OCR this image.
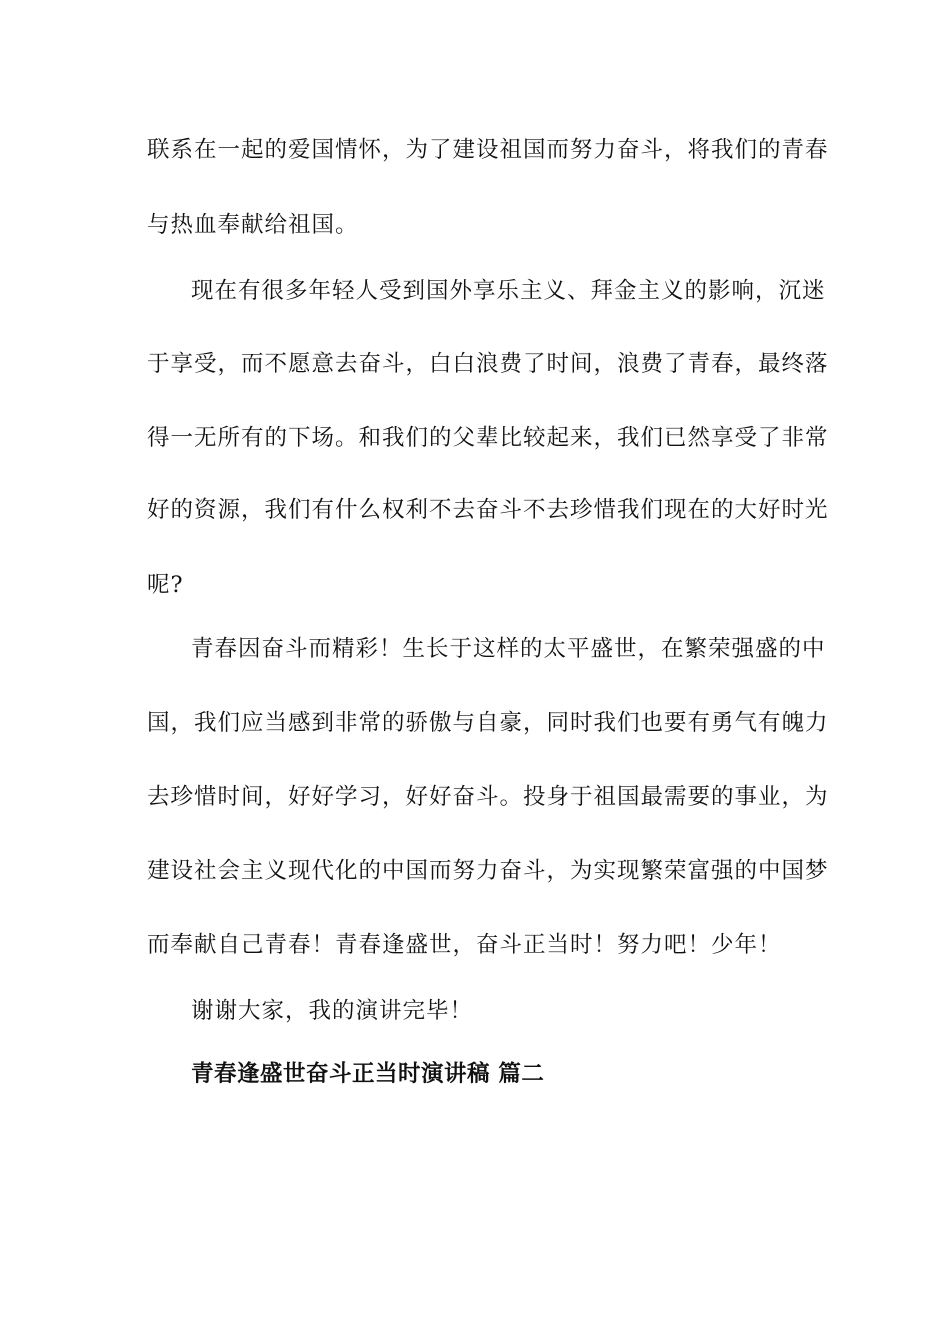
联系在一起的爱国情怀，为了建设祖国而努力奋斗，将我们的青春
与热血奉献给祖国。
现在有很多年轻人受到国外享乐主义、拜金主义的影响，沉迷
于享受，而不愿意去奋斗，白白浪费了时间，浪费了青春，最终落
得一无所有的下场。和我们的父辈比较起来，我们已然享受了非常
好的资源，我们有什么权利不去奋斗不去珍惜我们现在的大好时光
呢?
青春因奋斗而精彩！生长于这样的太平盛世，在繁荣强盛的中
国，我们应当感到非常的骄傲与自豪，同时我们也要有勇气有魄力
去珍惜时间，好好学习，好好奋斗。投身于祖国最需要的事业，为
建设社会主义现代化的中国而努力奋斗，为实现繁荣富强的中国梦
而奉献自己青春！青春逢盛世，奋斗正当时！努力吧！少年！
谢谢大家，我的演讲完毕！
青春逢盛世奋斗正当时演讲稿 篇二
